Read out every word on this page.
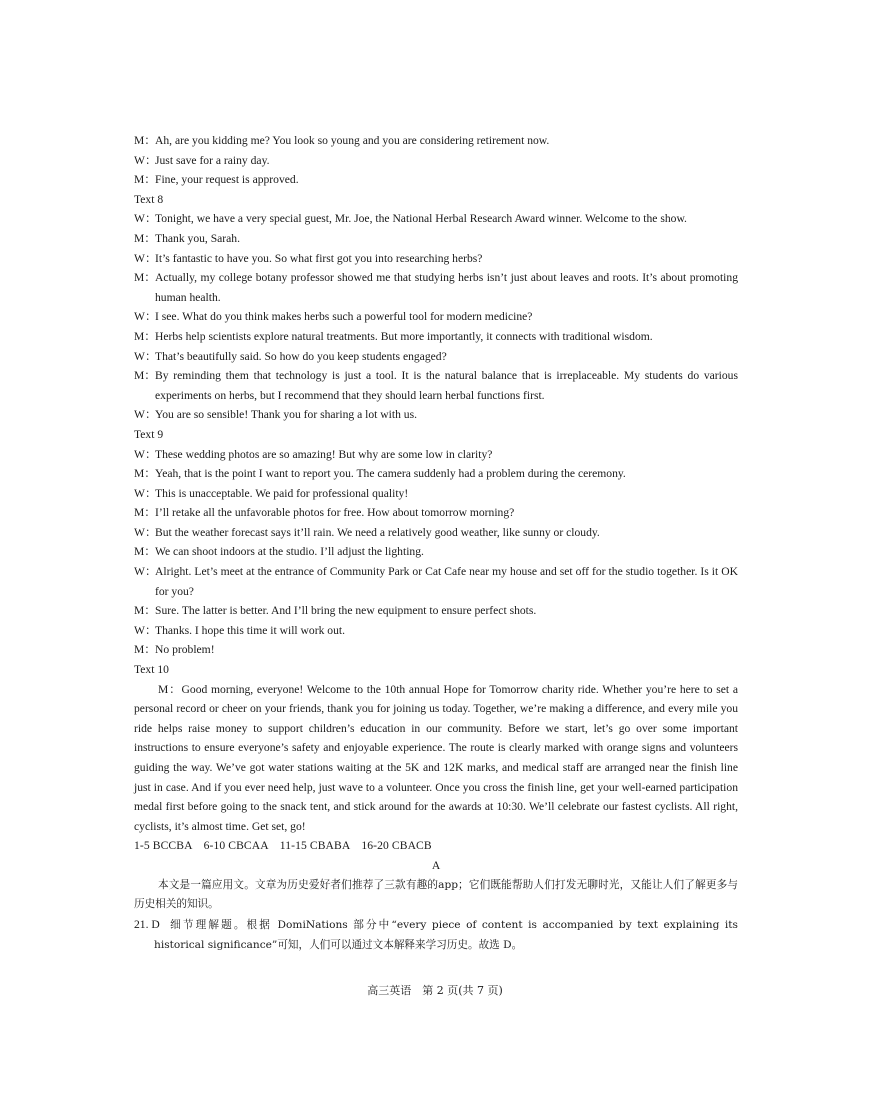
M： Ah, are you kidding me? You look so young and you are considering retirement now.
W：
Just save for a rainy day.
M： Fine, your request is approved.
Text 8
W：
Tonight, we have a very special guest, Mr. Joe, the National Herbal Research Award winner. Welcome to the show.
M： Thank you, Sarah.
W：
It’s fantastic to have you. So what first got you into researching herbs?
M： Actually, my college botany professor showed me that studying herbs isn’t just about leaves and roots. It’s about promoting human health.
W：
I see. What do you think makes herbs such a powerful tool for modern medicine?
M： Herbs help scientists explore natural treatments. But more importantly, it connects with traditional wisdom.
W：
That’s beautifully said. So how do you keep students engaged?
M： By reminding them that technology is just a tool. It is the natural balance that is irreplaceable. My students do various experiments on herbs, but I recommend that they should learn herbal functions first.
W：
You are so sensible! Thank you for sharing a lot with us.
Text 9
W：
These wedding photos are so amazing! But why are some low in clarity?
M： Yeah, that is the point I want to report you. The camera suddenly had a problem during the ceremony.
W：
This is unacceptable. We paid for professional quality!
M： I’ll retake all the unfavorable photos for free. How about tomorrow morning?
W：
But the weather forecast says it’ll rain. We need a relatively good weather, like sunny or cloudy.
M： We can shoot indoors at the studio. I’ll adjust the lighting.
W：
Alright. Let’s meet at the entrance of Community Park or Cat Cafe near my house and set off for the studio together. Is it OK for you?
M： Sure. The latter is better. And I’ll bring the new equipment to ensure perfect shots.
W：
Thanks. I hope this time it will work out.
M： No problem!
Text 10
M：Good morning, everyone! Welcome to the 10th annual Hope for Tomorrow charity ride. Whether you’re here to set a personal record or cheer on your friends, thank you for joining us today. Together, we’re making a difference, and every mile you ride helps raise money to support children’s education in our community. Before we start, let’s go over some important instructions to ensure everyone’s safety and enjoyable experience. The route is clearly marked with orange signs and volunteers guiding the way. We’ve got water stations waiting at the 5K and 12K marks, and medical staff are arranged near the finish line just in case. And if you ever need help, just wave to a volunteer. Once you cross the finish line, get your well-earned participation medal first before going to the snack tent, and stick around for the awards at 10:30. We’ll celebrate our fastest cyclists. All right, cyclists, it’s almost time. Get set, go!
1-5 BCCBA　6-10 CBCAA　11-15 CBABA　16-20 CBACB
A
本文是一篇应用文。文章为历史爱好者们推荐了三款有趣的app；它们既能帮助人们打发无聊时光，又能让人们了解更多与历史相关的知识。
21. D 细节理解题。根据 DomiNations 部分中“every piece of content is accompanied by text explaining its historical significance”可知，人们可以通过文本解释来学习历史。故选 D。
高三英语　第 2 页(共 7 页)
